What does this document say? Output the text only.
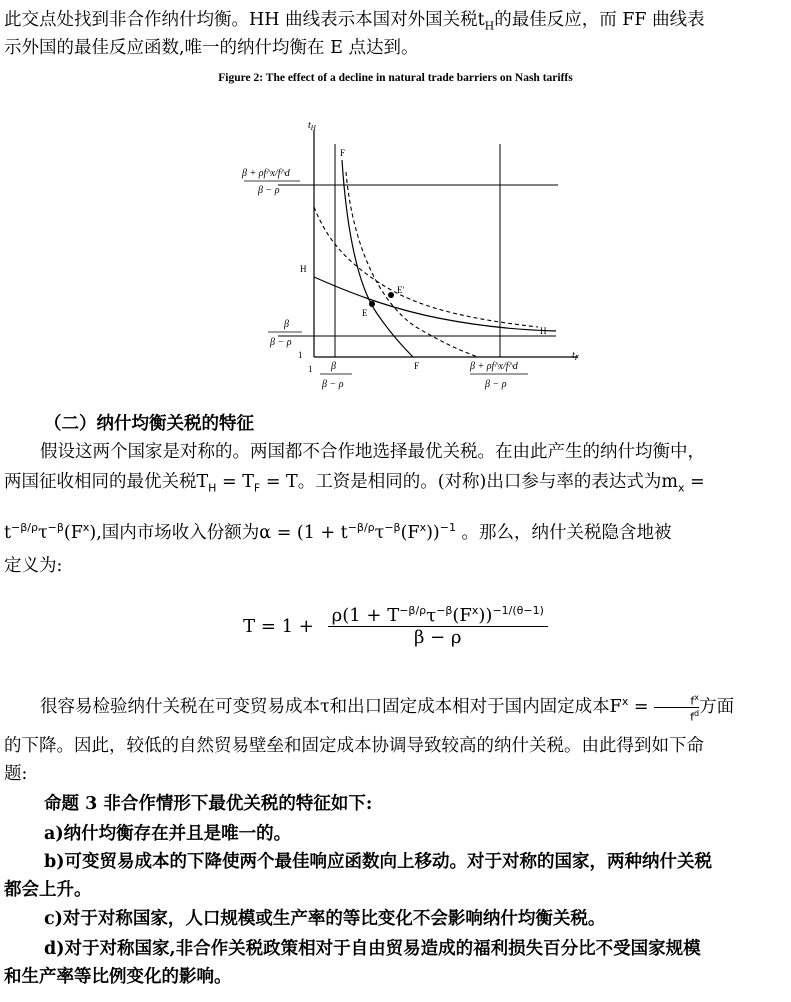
此交点处找到非合作纳什均衡。HH 曲线表示本国对外国关税$t_H$的最佳反应，而 FF 曲线表
示外国的最佳反应函数,唯一的纳什均衡在 E 点达到。
Figure 2: The effect of a decline in natural trade barriers on Nash tariffs
$t_H$
$t_F$
β + ρf^x/f^d
β − ρ
β
β − ρ
1
1 β
β − ρ
β + ρf^x/f^d
β − ρ
F
H
E
E′
H
F
（二）纳什均衡关税的特征
假设这两个国家是对称的。两国都不合作地选择最优关税。在由此产生的纳什均衡中，
两国征收相同的最优关税$T_H = T_F = T$。工资是相同的。(对称)出口参与率的表达式为$m_x$ =
$t^{-\beta/\rho}\tau^{-\beta}(F^x)$,国内市场收入份额为$\alpha = (1 + t^{-\beta/\rho}\tau^{-\beta}(F^x))^{-1}$ 。那么，纳什关税隐含地被
定义为:
$T = 1 + \frac{\rho(1 + T^{-\beta/\rho}\tau^{-\beta}(F^x))^{-1/(\theta-1)}}{\beta - \rho}$
很容易检验纳什关税在可变贸易成本τ和出口固定成本相对于国内固定成本$F^x = \frac{f^x}{f^d}$ 方面
的下降。因此，较低的自然贸易壁垒和固定成本协调导致较高的纳什关税。由此得到如下命
题:
命题 3 非合作情形下最优关税的特征如下:
a)纳什均衡存在并且是唯一的。
b)可变贸易成本的下降使两个最佳响应函数向上移动。对于对称的国家，两种纳什关税
都会上升。
c)对于对称国家，人口规模或生产率的等比变化不会影响纳什均衡关税。
d)对于对称国家,非合作关税政策相对于自由贸易造成的福利损失百分比不受国家规模
和生产率等比例变化的影响。
